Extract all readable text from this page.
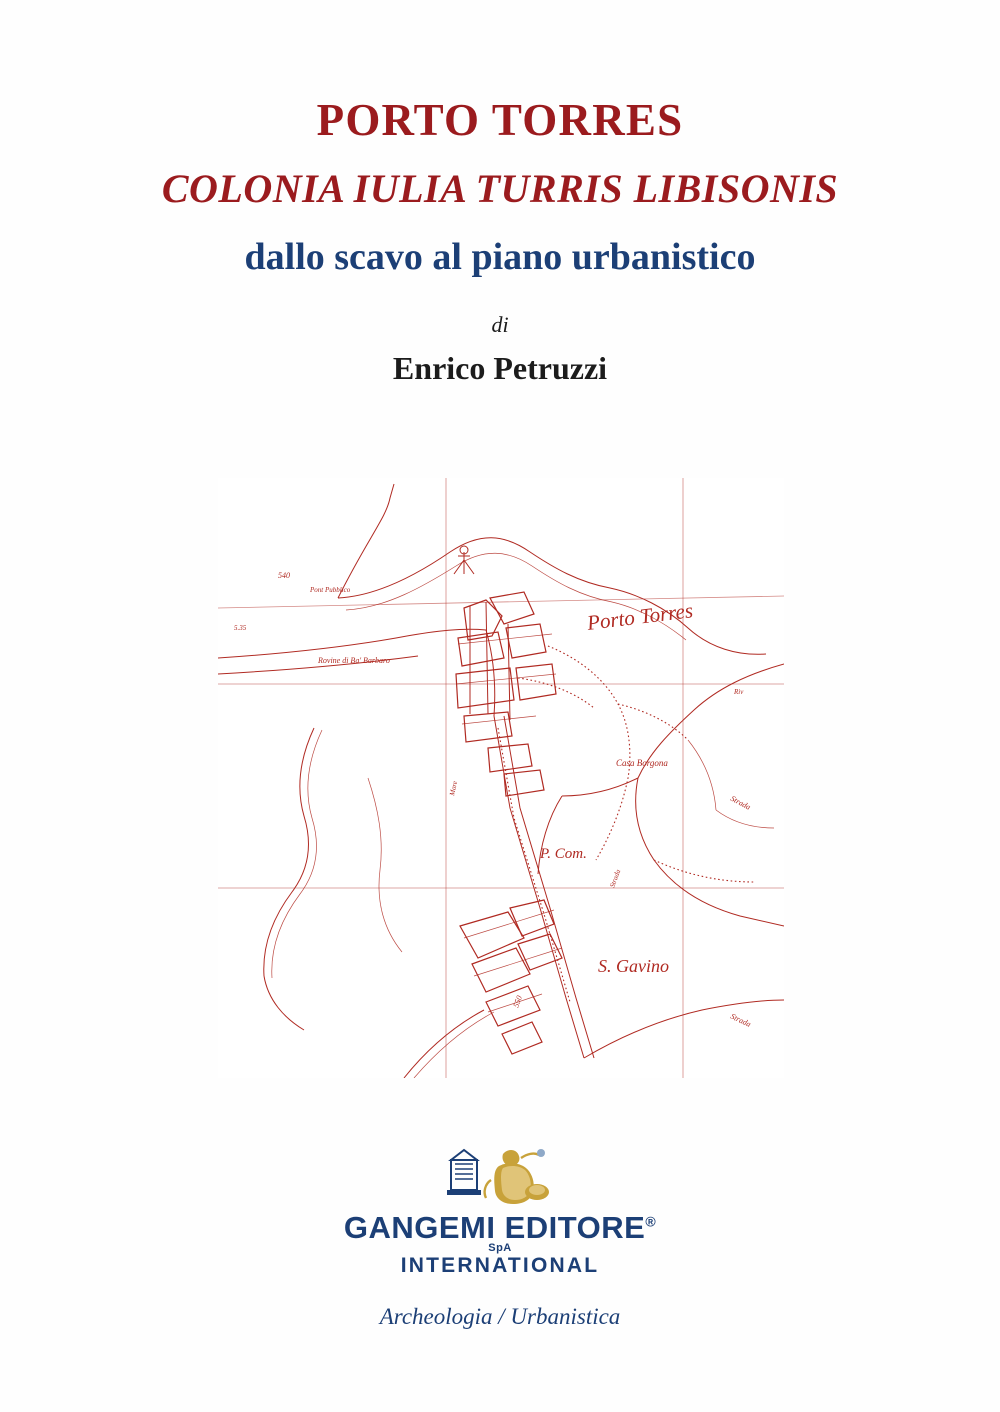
PORTO TORRES
COLONIA IULIA TURRIS LIBISONIS
dallo scavo al piano urbanistico

di

Enrico Petruzzi

Porto Torres
S. Gavino
P. Com.
Casa Borgona
Rovine di Ba' Barbaro
Pont Pubblico
Strada
Strada
Mare
540
550
5.35
Riv
Strada

GANGEMI EDITORE®

SpA

INTERNATIONAL

Archeologia / Urbanistica
